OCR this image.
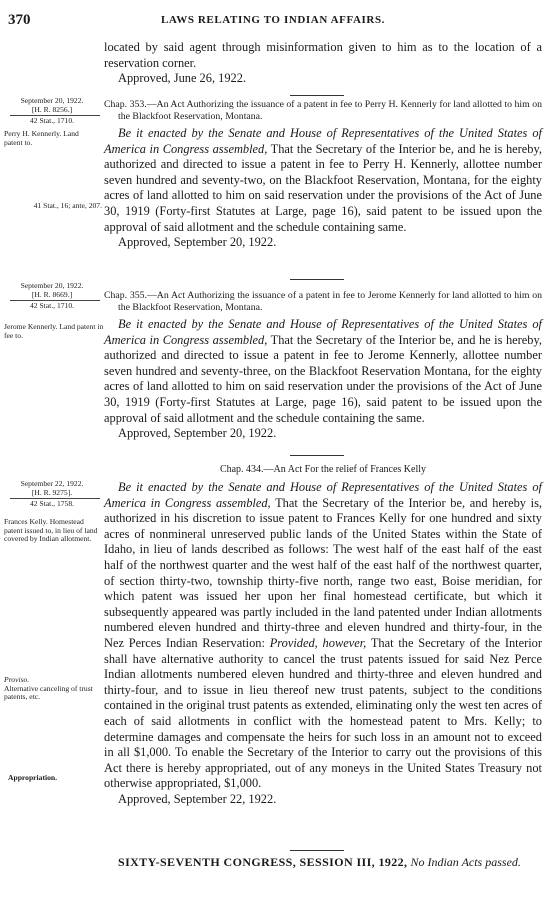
370	LAWS RELATING TO INDIAN AFFAIRS.

located by said agent through misinformation given to him as to the location of a reservation corner.

Approved, June 26, 1922.

September 20, 1922.
[H. R. 8256.]
42 Stat., 1710.
Perry H. Kennerly. Land patent to.
41 Stat., 16; ante, 207.

Chap. 353.—An Act Authorizing the issuance of a patent in fee to Perry H. Kennerly for land allotted to him on the Blackfoot Reservation, Montana.

Be it enacted by the Senate and House of Representatives of the United States of America in Congress assembled, That the Secretary of the Interior be, and he is hereby, authorized and directed to issue a patent in fee to Perry H. Kennerly, allottee number seven hundred and seventy-two, on the Blackfoot Reservation, Montana, for the eighty acres of land allotted to him on said reservation under the provisions of the Act of June 30, 1919 (Forty-first Statutes at Large, page 16), said patent to be issued upon the approval of said allotment and the schedule containing same.

Approved, September 20, 1922.

September 20, 1922.
[H. R. 8669.]
42 Stat., 1710.
Jerome Kennerly. Land patent in fee to.

Chap. 355.—An Act Authorizing the issuance of a patent in fee to Jerome Kennerly for land allotted to him on the Blackfoot Reservation, Montana.

Be it enacted by the Senate and House of Representatives of the United States of America in Congress assembled, That the Secretary of the Interior be, and he is hereby, authorized and directed to issue a patent in fee to Jerome Kennerly, allottee number seven hundred and seventy-three, on the Blackfoot Reservation Montana, for the eighty acres of land allotted to him on said reservation under the provisions of the Act of June 30, 1919 (Forty-first Statutes at Large, page 16), said patent to be issued upon the approval of said allotment and the schedule containing the same.

Approved, September 20, 1922.

September 22, 1922.
[H. R. 9275].
42 Stat., 1758.
Frances Kelly. Homestead patent issued to, in lieu of land covered by Indian allotment.
Proviso.
Alternative canceling of trust patents, etc.
Appropriation.

Chap. 434.—An Act For the relief of Frances Kelly

Be it enacted by the Senate and House of Representatives of the United States of America in Congress assembled, That the Secretary of the Interior be, and hereby is, authorized in his discretion to issue patent to Frances Kelly for one hundred and sixty acres of nonmineral unreserved public lands of the United States within the State of Idaho, in lieu of lands described as follows: The west half of the east half of the east half of the northwest quarter and the west half of the east half of the northwest quarter, of section thirty-two, township thirty-five north, range two east, Boise meridian, for which patent was issued her upon her final homestead certificate, but which it subsequently appeared was partly included in the land patented under Indian allotments numbered eleven hundred and thirty-three and eleven hundred and thirty-four, in the Nez Perces Indian Reservation: Provided, however, That the Secretary of the Interior shall have alternative authority to cancel the trust patents issued for said Nez Perce Indian allotments numbered eleven hundred and thirty-three and eleven hundred and thirty-four, and to issue in lieu thereof new trust patents, subject to the conditions contained in the original trust patents as extended, eliminating only the west ten acres of each of said allotments in conflict with the homestead patent to Mrs. Kelly; to determine damages and compensate the heirs for such loss in an amount not to exceed in all $1,000. To enable the Secretary of the Interior to carry out the provisions of this Act there is hereby appropriated, out of any moneys in the United States Treasury not otherwise appropriated, $1,000.

Approved, September 22, 1922.

SIXTY-SEVENTH CONGRESS, SESSION III, 1922, No Indian Acts passed.
